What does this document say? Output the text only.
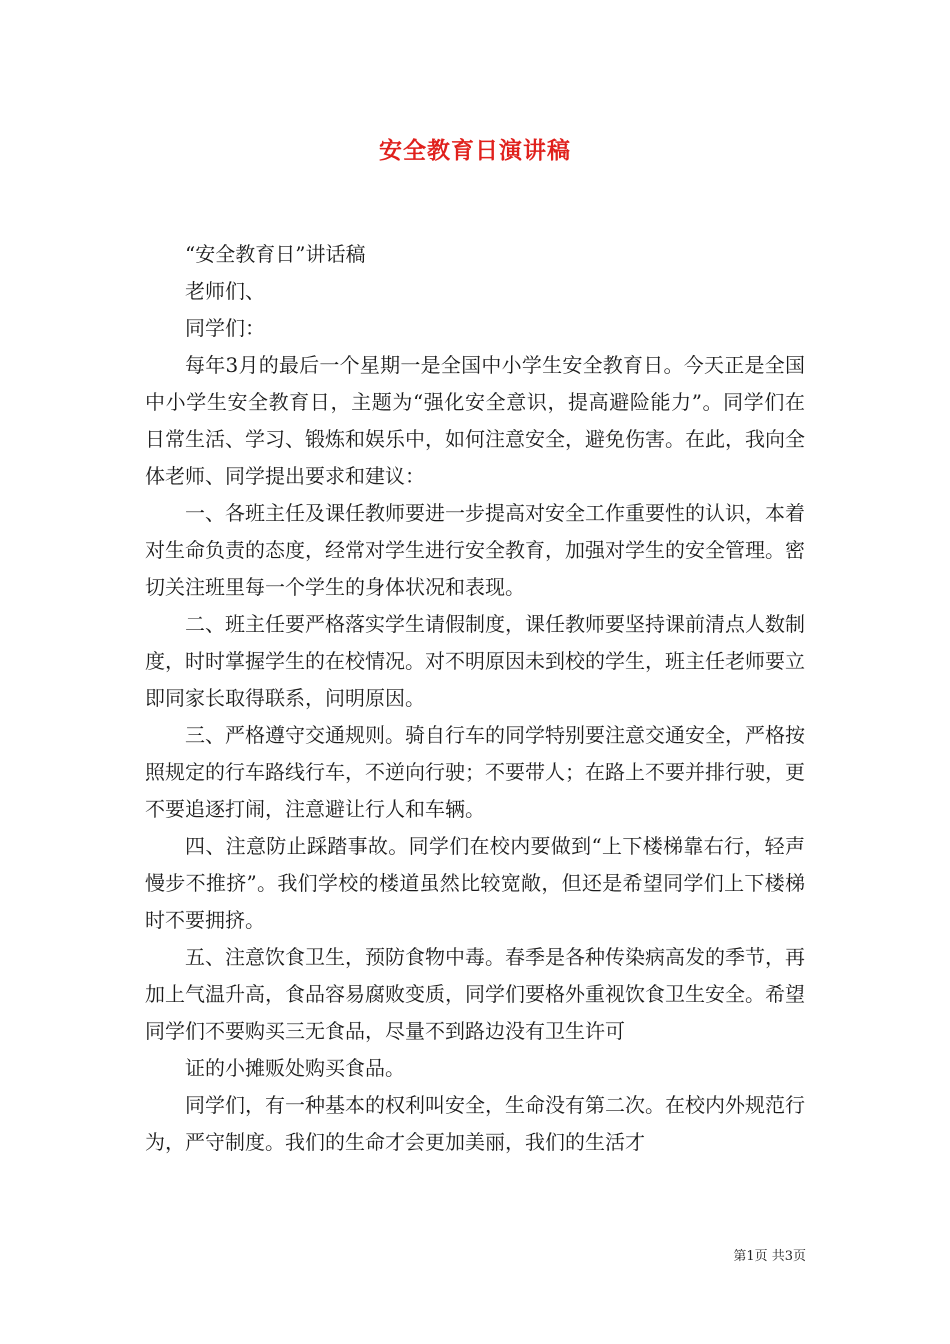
安全教育日演讲稿

“安全教育日”讲话稿

老师们、

同学们：

每年3月的最后一个星期一是全国中小学生安全教育日。今天正是全国中小学生安全教育日，主题为“强化安全意识，提高避险能力”。同学们在日常生活、学习、锻炼和娱乐中，如何注意安全，避免伤害。在此，我向全体老师、同学提出要求和建议：

一、各班主任及课任教师要进一步提高对安全工作重要性的认识，本着对生命负责的态度，经常对学生进行安全教育，加强对学生的安全管理。密切关注班里每一个学生的身体状况和表现。

二、班主任要严格落实学生请假制度，课任教师要坚持课前清点人数制度，时时掌握学生的在校情况。对不明原因未到校的学生，班主任老师要立即同家长取得联系，问明原因。

三、严格遵守交通规则。骑自行车的同学特别要注意交通安全，严格按照规定的行车路线行车，不逆向行驶；不要带人；在路上不要并排行驶，更不要追逐打闹，注意避让行人和车辆。

四、注意防止踩踏事故。同学们在校内要做到“上下楼梯靠右行，轻声慢步不推挤”。我们学校的楼道虽然比较宽敞，但还是希望同学们上下楼梯时不要拥挤。

五、注意饮食卫生，预防食物中毒。春季是各种传染病高发的季节，再加上气温升高，食品容易腐败变质，同学们要格外重视饮食卫生安全。希望同学们不要购买三无食品，尽量不到路边没有卫生许可

证的小摊贩处购买食品。

同学们，有一种基本的权利叫安全，生命没有第二次。在校内外规范行为，严守制度。我们的生命才会更加美丽，我们的生活才

第1页 共3页
